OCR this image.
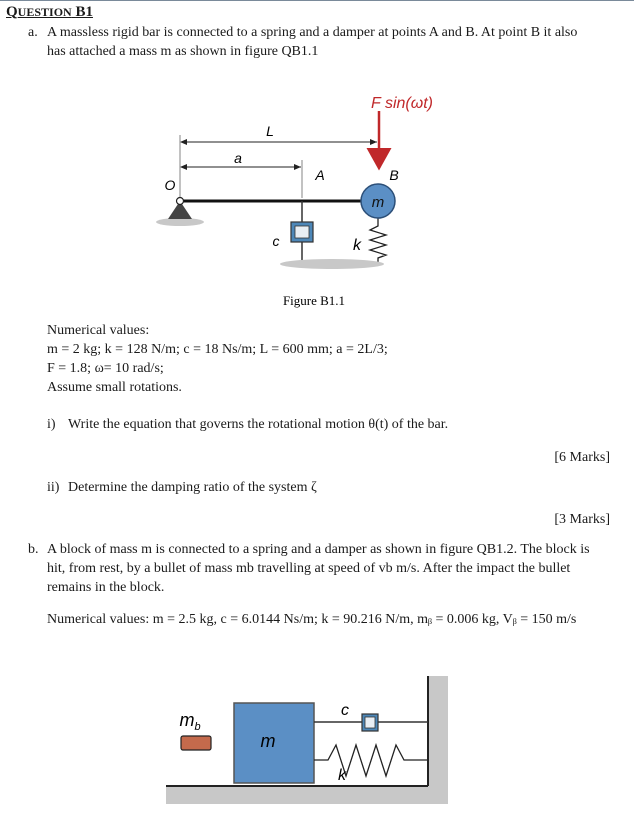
QUESTION B1
a. A massless rigid bar is connected to a spring and a damper at points A and B. At point B it also
has attached a mass m as shown in figure QB1.1
F sin(ωt)
L
a
O
A	B
c	k
m
Figure B1.1
Numerical values:
m = 2 kg; k = 128 N/m; c = 18 Ns/m; L = 600 mm; a = 2L/3;
F = 1.8; ω= 10 rad/s;
Assume small rotations.
i) Write the equation that governs the rotational motion θ(t) of the bar.
[6 Marks]
ii) Determine the damping ratio of the system ζ
[3 Marks]
b. A block of mass m is connected to a spring and a damper as shown in figure QB1.2. The block is
hit, from rest, by a bullet of mass mb travelling at speed of vb m/s. After the impact the bullet
remains in the block.
Numerical values: m = 2.5 kg, c = 6.0144 Ns/m; k = 90.216 N/m, mᵦ = 0.006 kg, Vᵦ = 150 m/s
$m_b$
m
c
k
